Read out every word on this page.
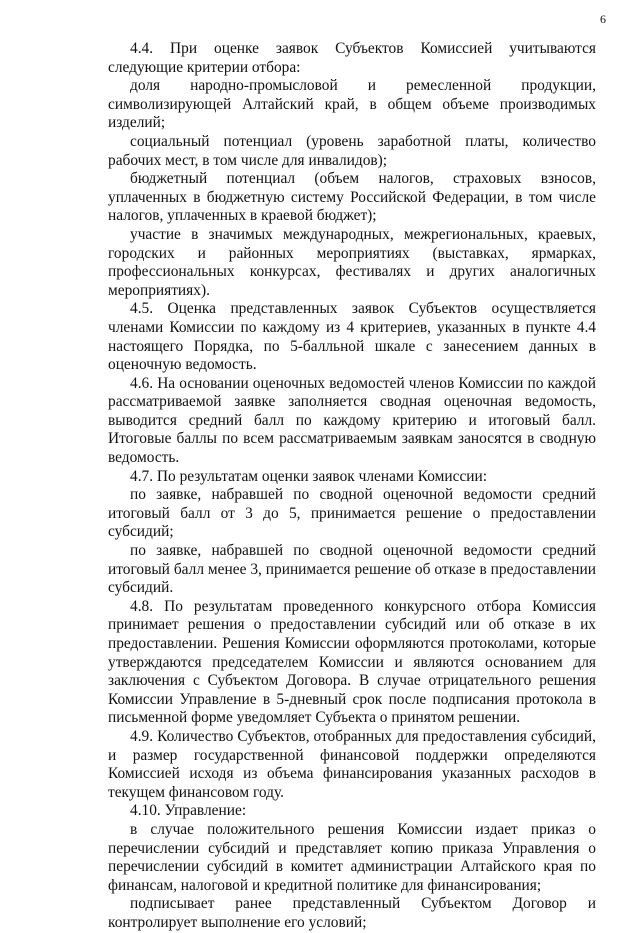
6

4.4. При оценке заявок Субъектов Комиссией учитываются следующие критерии отбора:

доля народно-промысловой и ремесленной продукции, символизирующей Алтайский край, в общем объеме производимых изделий;

социальный потенциал (уровень заработной платы, количество рабочих мест, в том числе для инвалидов);

бюджетный потенциал (объем налогов, страховых взносов, уплаченных в бюджетную систему Российской Федерации, в том числе налогов, уплаченных в краевой бюджет);

участие в значимых международных, межрегиональных, краевых, городских и районных мероприятиях (выставках, ярмарках, профессиональных конкурсах, фестивалях и других аналогичных мероприятиях).

4.5. Оценка представленных заявок Субъектов осуществляется членами Комиссии по каждому из 4 критериев, указанных в пункте 4.4 настоящего Порядка, по 5-балльной шкале с занесением данных в оценочную ведомость.

4.6. На основании оценочных ведомостей членов Комиссии по каждой рассматриваемой заявке заполняется сводная оценочная ведомость, выводится средний балл по каждому критерию и итоговый балл. Итоговые баллы по всем рассматриваемым заявкам заносятся в сводную ведомость.

4.7. По результатам оценки заявок членами Комиссии:

по заявке, набравшей по сводной оценочной ведомости средний итоговый балл от 3 до 5, принимается решение о предоставлении субсидий;

по заявке, набравшей по сводной оценочной ведомости средний итоговый балл менее 3, принимается решение об отказе в предоставлении субсидий.

4.8. По результатам проведенного конкурсного отбора Комиссия принимает решения о предоставлении субсидий или об отказе в их предоставлении. Решения Комиссии оформляются протоколами, которые утверждаются председателем Комиссии и являются основанием для заключения с Субъектом Договора. В случае отрицательного решения Комиссии Управление в 5-дневный срок после подписания протокола в письменной форме уведомляет Субъекта о принятом решении.

4.9. Количество Субъектов, отобранных для предоставления субсидий, и размер государственной финансовой поддержки определяются Комиссией исходя из объема финансирования указанных расходов в текущем финансовом году.

4.10. Управление:

в случае положительного решения Комиссии издает приказ о перечислении субсидий и представляет копию приказа Управления о перечислении субсидий в комитет администрации Алтайского края по финансам, налоговой и кредитной политике для финансирования;

подписывает ранее представленный Субъектом Договор и контролирует выполнение его условий;
